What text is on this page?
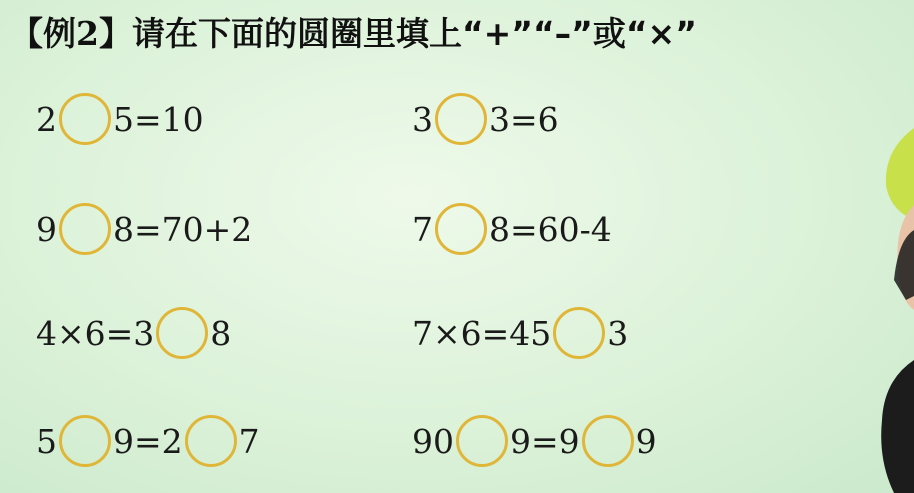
【例2】请在下面的圆圈里填上“+”“–”或“×”
2 5=10	3 3=6
9 8=70+2	7 8=60-4
4×6=3 8	7×6=45 3
5 9=2 7	90 9=9 9
